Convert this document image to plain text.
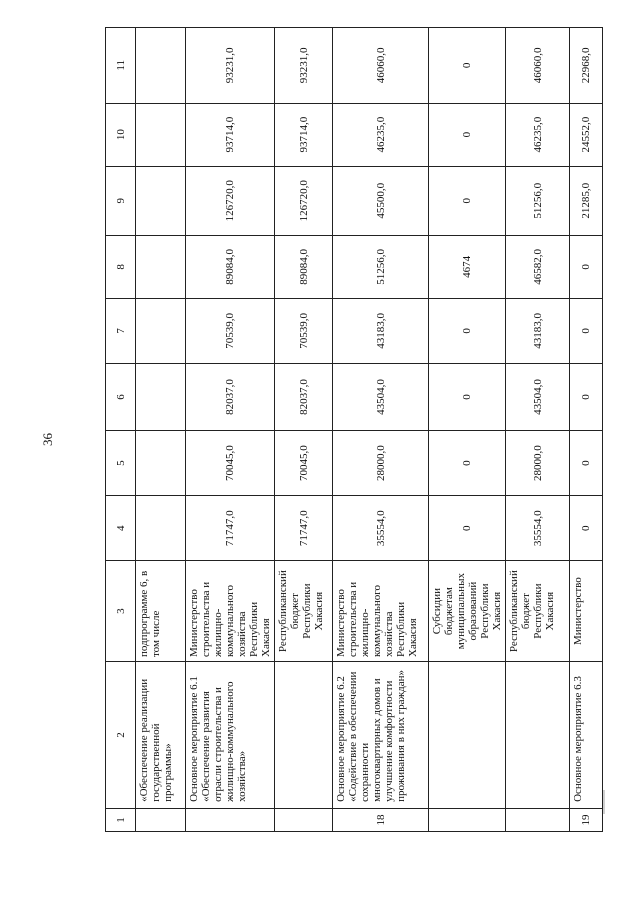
36
1	2	3	4	5	6	7	8	9	10	11
	«Обеспечение реализации государственной программы»	подпрограмме 6, в том числе								
	Основное мероприятие 6.1 «Обеспечение развития отрасли строительства и жилищно-коммунального хозяйства»	Министерство строительства и жилищно-коммунального хозяйства Республики Хакасия	71747,0	70045,0	82037,0	70539,0	89084,0	126720,0	93714,0	93231,0
		Республиканский бюджет Республики Хакасия	71747,0	70045,0	82037,0	70539,0	89084,0	126720,0	93714,0	93231,0
18	Основное мероприятие 6.2 «Содействие в обеспечении сохранности многоквартирных домов и улучшение комфортности проживания в них граждан»	Министерство строительства и жилищно-коммунального хозяйства Республики Хакасия	35554,0	28000,0	43504,0	43183,0	51256,0	45500,0	46235,0	46060,0
		Субсидии бюджетам муниципальных образований Республики Хакасия	0	0	0	0	4674	0	0	0
		Республиканский бюджет Республики Хакасия	35554,0	28000,0	43504,0	43183,0	46582,0	51256,0	46235,0	46060,0
19	Основное мероприятие 6.3	Министерство	0	0	0	0	0	21285,0	24552,0	22968,0
